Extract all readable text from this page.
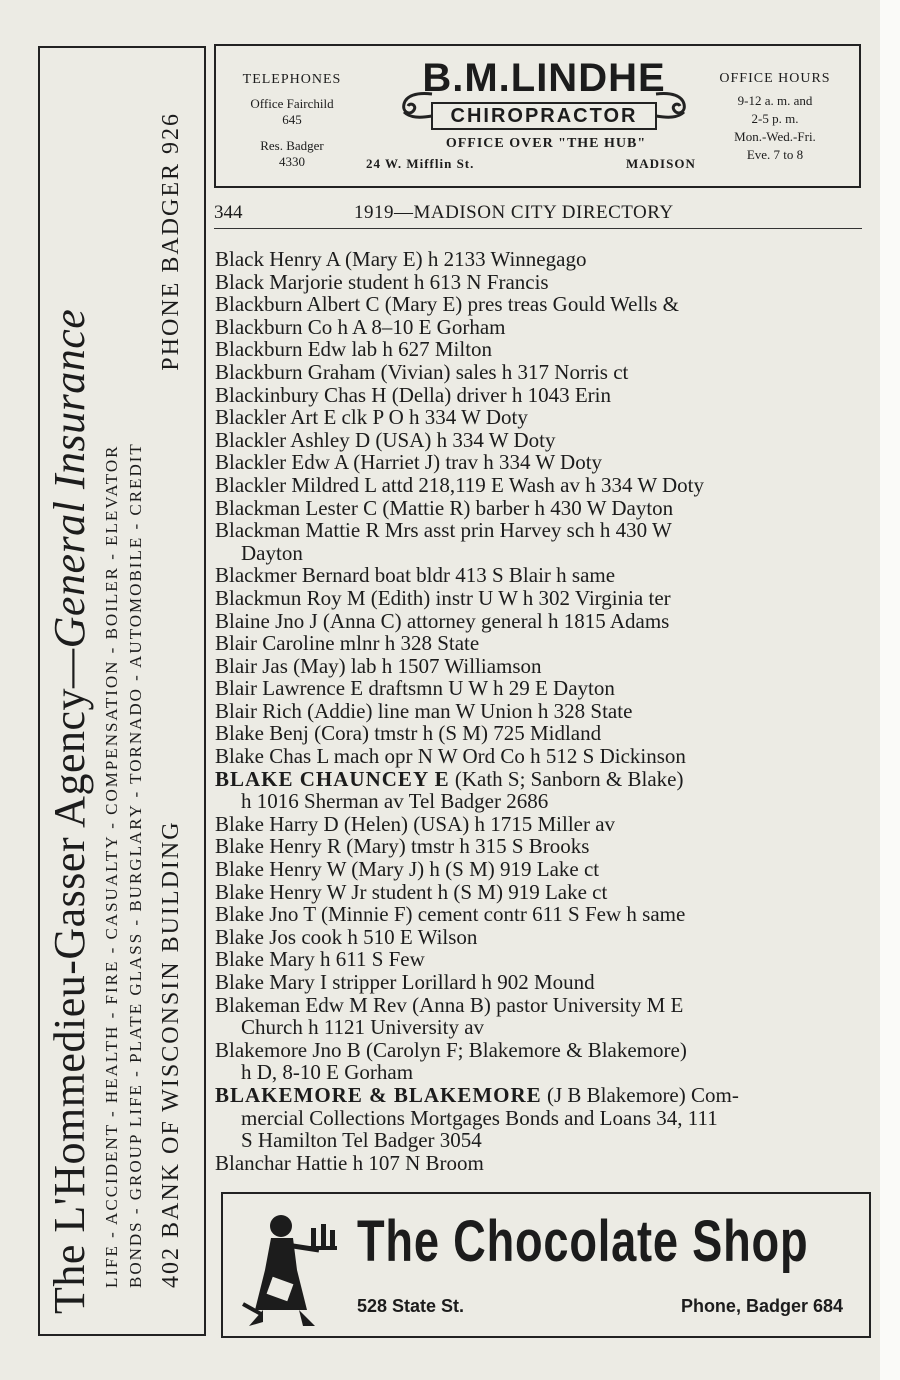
The L'Hommedieu-Gasser Agency—General Insurance LIFE - ACCIDENT - HEALTH - FIRE - CASUALTY - COMPENSATION - BOILER - ELEVATOR BONDS - GROUP LIFE - PLATE GLASS - BURGLARY - TORNADO - AUTOMOBILE - CREDIT 402 BANK OF WISCONSIN BUILDING
PHONE BADGER 926
TELEPHONES
Office Fairchild
645
Res. Badger
4330
B.M.LINDHE
CHIROPRACTOR
OFFICE OVER "THE HUB"
24 W. Mifflin St.	MADISON
OFFICE HOURS
9-12 a. m. and
2-5 p. m.
Mon.-Wed.-Fri.
Eve. 7 to 8
344	1919—MADISON CITY DIRECTORY
Black Henry A (Mary E) h 2133 Winnegago
Black Marjorie student h 613 N Francis
Blackburn Albert C (Mary E) pres treas Gould Wells &
Blackburn Co h A 8–10 E Gorham
Blackburn Edw lab h 627 Milton
Blackburn Graham (Vivian) sales h 317 Norris ct
Blackinbury Chas H (Della) driver h 1043 Erin
Blackler Art E clk P O h 334 W Doty
Blackler Ashley D (USA) h 334 W Doty
Blackler Edw A (Harriet J) trav h 334 W Doty
Blackler Mildred L attd 218,119 E Wash av h 334 W Doty
Blackman Lester C (Mattie R) barber h 430 W Dayton
Blackman Mattie R Mrs asst prin Harvey sch h 430 W
Dayton
Blackmer Bernard boat bldr 413 S Blair h same
Blackmun Roy M (Edith) instr U W h 302 Virginia ter
Blaine Jno J (Anna C) attorney general h 1815 Adams
Blair Caroline mlnr h 328 State
Blair Jas (May) lab h 1507 Williamson
Blair Lawrence E draftsmn U W h 29 E Dayton
Blair Rich (Addie) line man W Union h 328 State
Blake Benj (Cora) tmstr h (S M) 725 Midland
Blake Chas L mach opr N W Ord Co h 512 S Dickinson
BLAKE CHAUNCEY E (Kath S; Sanborn & Blake)
h 1016 Sherman av Tel Badger 2686
Blake Harry D (Helen) (USA) h 1715 Miller av
Blake Henry R (Mary) tmstr h 315 S Brooks
Blake Henry W (Mary J) h (S M) 919 Lake ct
Blake Henry W Jr student h (S M) 919 Lake ct
Blake Jno T (Minnie F) cement contr 611 S Few h same
Blake Jos cook h 510 E Wilson
Blake Mary h 611 S Few
Blake Mary I stripper Lorillard h 902 Mound
Blakeman Edw M Rev (Anna B) pastor University M E
Church h 1121 University av
Blakemore Jno B (Carolyn F; Blakemore & Blakemore)
h D, 8-10 E Gorham
BLAKEMORE & BLAKEMORE (J B Blakemore) Com-
mercial Collections Mortgages Bonds and Loans 34, 111
S Hamilton Tel Badger 3054
Blanchar Hattie h 107 N Broom
The Chocolate Shop
528 State St.	Phone, Badger 684
